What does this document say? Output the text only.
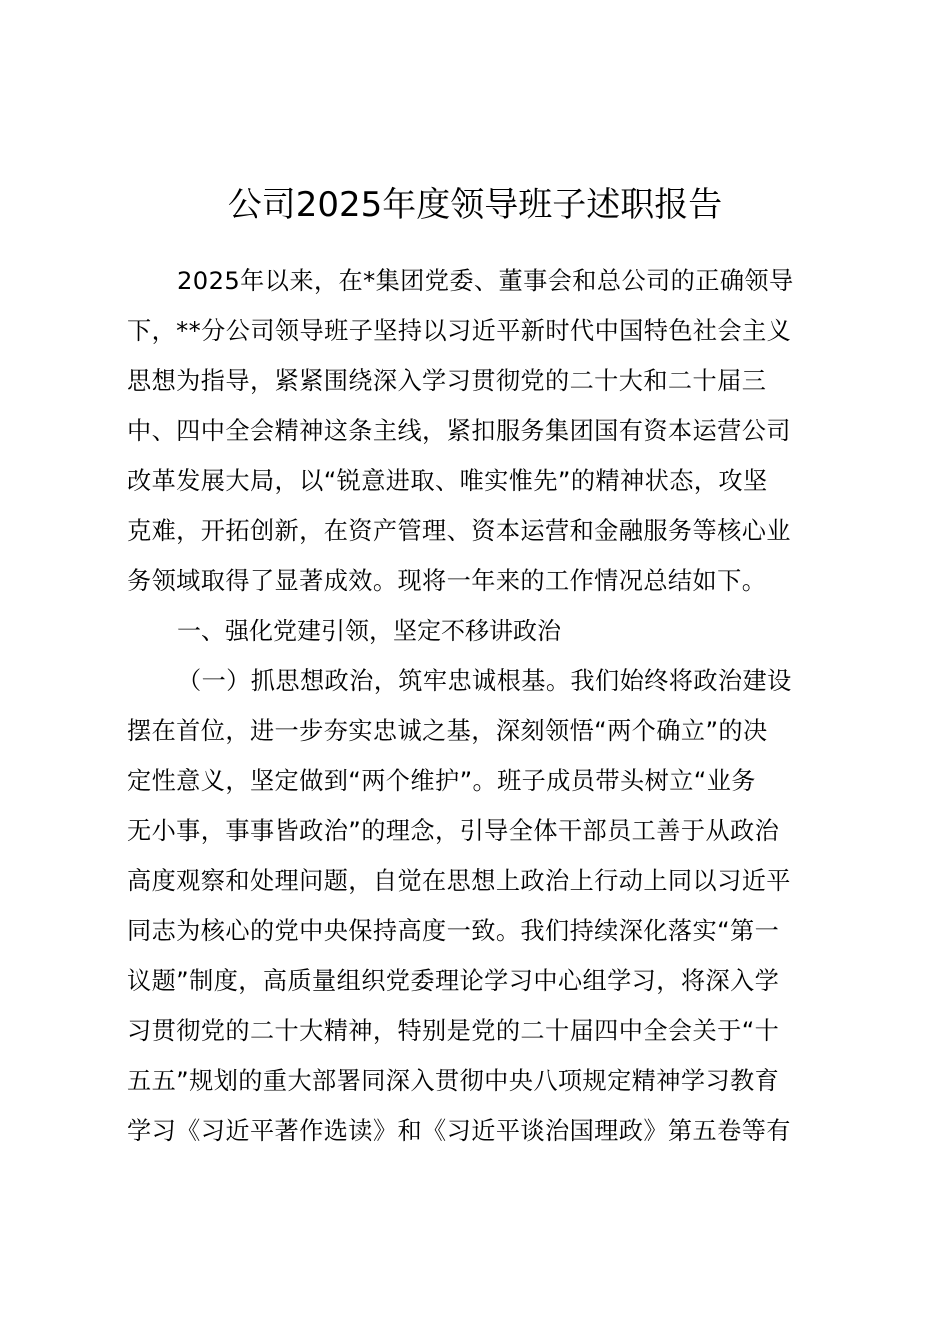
公司2025年度领导班子述职报告
2025年以来，在*集团党委、董事会和总公司的正确领导
下，**分公司领导班子坚持以习近平新时代中国特色社会主义
思想为指导，紧紧围绕深入学习贯彻党的二十大和二十届三
中、四中全会精神这条主线，紧扣服务集团国有资本运营公司
改革发展大局，以“锐意进取、唯实惟先”的精神状态，攻坚
克难，开拓创新，在资产管理、资本运营和金融服务等核心业
务领域取得了显著成效。现将一年来的工作情况总结如下。
一、强化党建引领，坚定不移讲政治
（一）抓思想政治，筑牢忠诚根基。我们始终将政治建设
摆在首位，进一步夯实忠诚之基，深刻领悟“两个确立”的决
定性意义，坚定做到“两个维护”。班子成员带头树立“业务
无小事，事事皆政治”的理念，引导全体干部员工善于从政治
高度观察和处理问题，自觉在思想上政治上行动上同以习近平
同志为核心的党中央保持高度一致。我们持续深化落实“第一
议题”制度，高质量组织党委理论学习中心组学习，将深入学
习贯彻党的二十大精神，特别是党的二十届四中全会关于“十
五五”规划的重大部署同深入贯彻中央八项规定精神学习教育
学习《习近平著作选读》和《习近平谈治国理政》第五卷等有
